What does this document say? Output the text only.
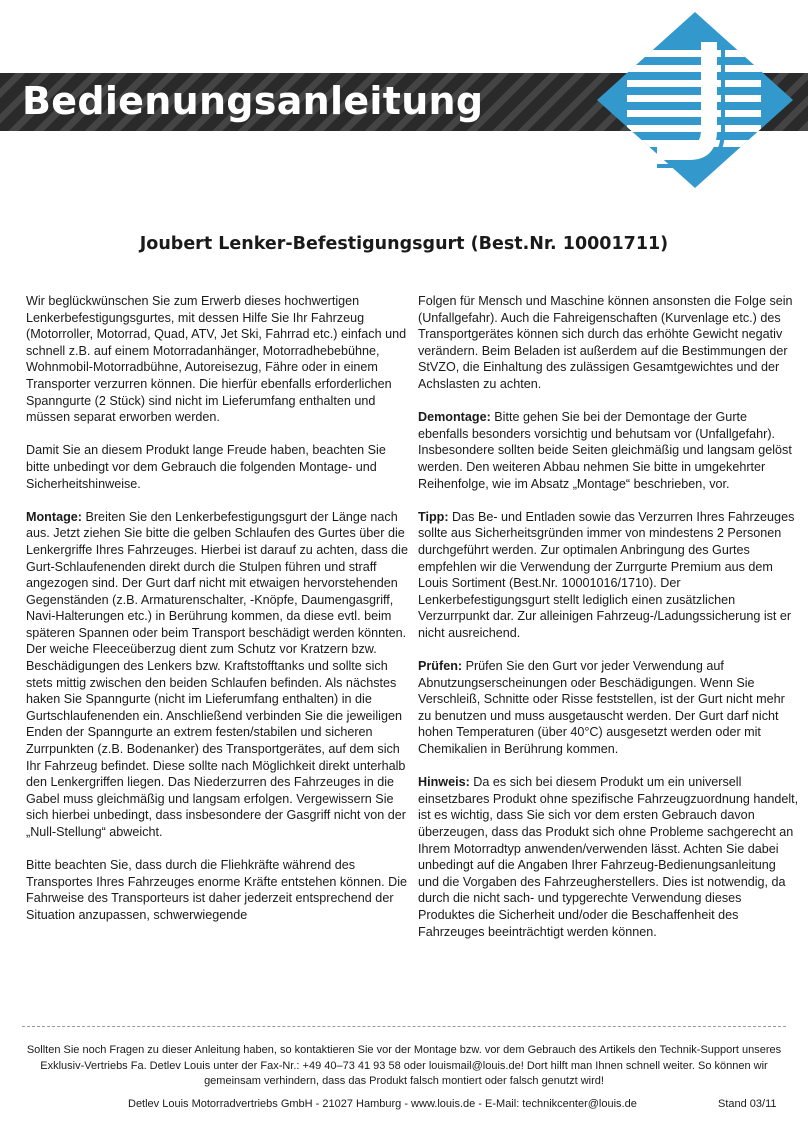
Bedienungsanleitung
Joubert Lenker-Befestigungsgurt (Best.Nr. 10001711)

Wir beglückwünschen Sie zum Erwerb dieses hochwertigen Lenkerbefestigungsgurtes, mit dessen Hilfe Sie Ihr Fahrzeug (Motorroller, Motorrad, Quad, ATV, Jet Ski, Fahrrad etc.) einfach und schnell z.B. auf einem Motorradanhänger, Motorradhebebühne, Wohnmobil-Motorradbühne, Autoreisezug, Fähre oder in einem Transporter verzurren können. Die hierfür ebenfalls erforderlichen Spanngurte (2 Stück) sind nicht im Lieferumfang enthalten und müssen separat erworben werden.

Damit Sie an diesem Produkt lange Freude haben, beachten Sie bitte unbedingt vor dem Gebrauch die folgenden Montage- und Sicherheitshinweise.

Montage: Breiten Sie den Lenkerbefestigungsgurt der Länge nach aus. Jetzt ziehen Sie bitte die gelben Schlaufen des Gurtes über die Lenkergriffe Ihres Fahrzeuges. Hierbei ist darauf zu achten, dass die Gurt-Schlaufenenden direkt durch die Stulpen führen und straff angezogen sind. Der Gurt darf nicht mit etwaigen hervorstehenden Gegenständen (z.B. Armaturenschalter, -Knöpfe, Daumengasgriff, Navi-Halterungen etc.) in Berührung kommen, da diese evtl. beim späteren Spannen oder beim Transport beschädigt werden könnten. Der weiche Fleeceüberzug dient zum Schutz vor Kratzern bzw. Beschädigungen des Lenkers bzw. Kraftstofftanks und sollte sich stets mittig zwischen den beiden Schlaufen befinden. Als nächstes haken Sie Spanngurte (nicht im Lieferumfang enthalten) in die Gurtschlaufenenden ein. Anschließend verbinden Sie die jeweiligen Enden der Spanngurte an extrem festen/stabilen und sicheren Zurrpunkten (z.B. Bodenanker) des Transportgerätes, auf dem sich Ihr Fahrzeug befindet. Diese sollte nach Möglichkeit direkt unterhalb den Lenkergriffen liegen. Das Niederzurren des Fahrzeuges in die Gabel muss gleichmäßig und langsam erfolgen. Vergewissern Sie sich hierbei unbedingt, dass insbesondere der Gasgriff nicht von der „Null-Stellung“ abweicht.

Bitte beachten Sie, dass durch die Fliehkräfte während des Transportes Ihres Fahrzeuges enorme Kräfte entstehen können. Die Fahrweise des Transporteurs ist daher jederzeit entsprechend der Situation anzupassen, schwerwiegende

Folgen für Mensch und Maschine können ansonsten die Folge sein (Unfallgefahr). Auch die Fahreigenschaften (Kurvenlage etc.) des Transportgerätes können sich durch das erhöhte Gewicht negativ verändern. Beim Beladen ist außerdem auf die Bestimmungen der StVZO, die Einhaltung des zulässigen Gesamtgewichtes und der Achslasten zu achten.

Demontage: Bitte gehen Sie bei der Demontage der Gurte ebenfalls besonders vorsichtig und behutsam vor (Unfallgefahr). Insbesondere sollten beide Seiten gleichmäßig und langsam gelöst werden. Den weiteren Abbau nehmen Sie bitte in umgekehrter Reihenfolge, wie im Absatz „Montage“ beschrieben, vor.

Tipp: Das Be- und Entladen sowie das Verzurren Ihres Fahrzeuges sollte aus Sicherheitsgründen immer von mindestens 2 Personen durchgeführt werden. Zur optimalen Anbringung des Gurtes empfehlen wir die Verwendung der Zurrgurte Premium aus dem Louis Sortiment (Best.Nr. 10001016/1710). Der Lenkerbefestigungsgurt stellt lediglich einen zusätzlichen Verzurrpunkt dar. Zur alleinigen Fahrzeug-/Ladungssicherung ist er nicht ausreichend.

Prüfen: Prüfen Sie den Gurt vor jeder Verwendung auf Abnutzungserscheinungen oder Beschädigungen. Wenn Sie Verschleiß, Schnitte oder Risse feststellen, ist der Gurt nicht mehr zu benutzen und muss ausgetauscht werden. Der Gurt darf nicht hohen Temperaturen (über 40°C) ausgesetzt werden oder mit Chemikalien in Berührung kommen.

Hinweis: Da es sich bei diesem Produkt um ein universell einsetzbares Produkt ohne spezifische Fahrzeugzuordnung handelt, ist es wichtig, dass Sie sich vor dem ersten Gebrauch davon überzeugen, dass das Produkt sich ohne Probleme sachgerecht an Ihrem Motorradtyp anwenden/verwenden lässt. Achten Sie dabei unbedingt auf die Angaben Ihrer Fahrzeug-Bedienungsanleitung und die Vorgaben des Fahrzeugherstellers. Dies ist notwendig, da durch die nicht sach- und typgerechte Verwendung dieses Produktes die Sicherheit und/oder die Beschaffenheit des Fahrzeuges beeinträchtigt werden können.

Sollten Sie noch Fragen zu dieser Anleitung haben, so kontaktieren Sie vor der Montage bzw. vor dem Gebrauch des Artikels den Technik-Support unseres Exklusiv-Vertriebs Fa. Detlev Louis unter der Fax-Nr.: +49 40–73 41 93 58 oder louismail@louis.de! Dort hilft man Ihnen schnell weiter. So können wir gemeinsam verhindern, dass das Produkt falsch montiert oder falsch genutzt wird!
Detlev Louis Motorradvertriebs GmbH - 21027 Hamburg - www.louis.de - E-Mail: technikcenter@louis.de	Stand 03/11
